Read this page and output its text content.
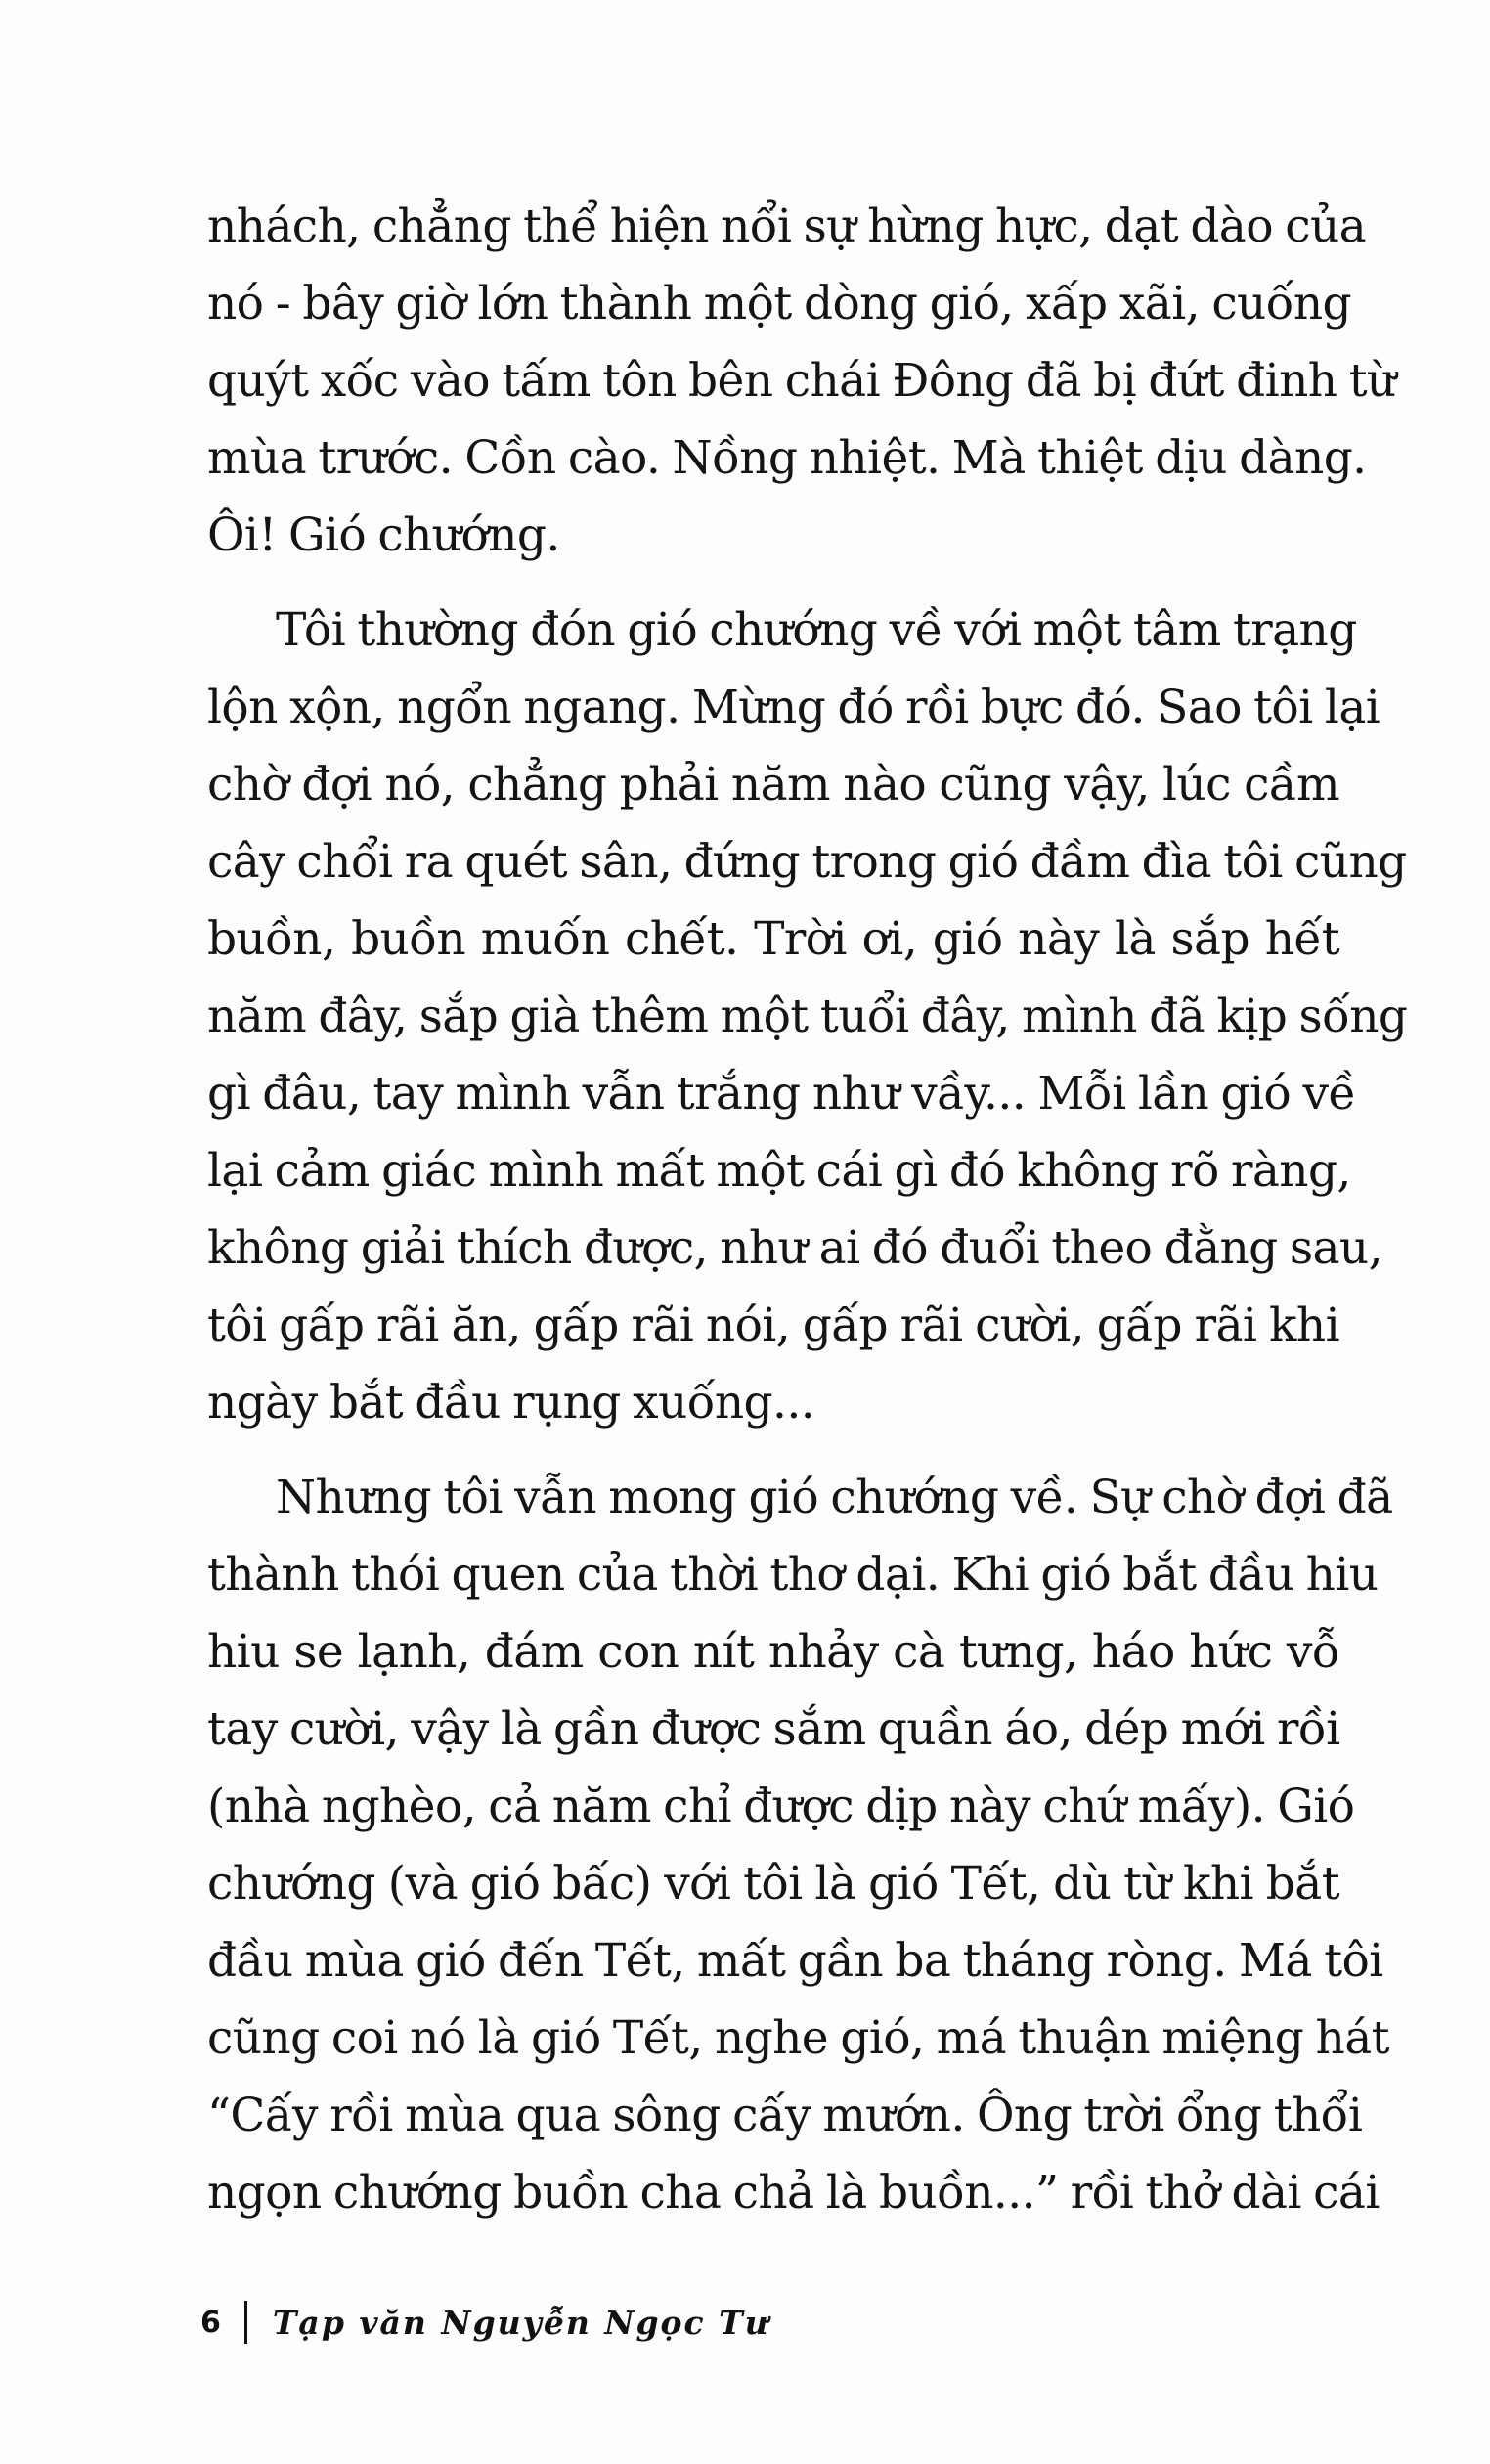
nhách, chẳng thể hiện nổi sự hừng hực, dạt dào của
nó - bây giờ lớn thành một dòng gió, xấp xãi, cuống
quýt xốc vào tấm tôn bên chái Đông đã bị đứt đinh từ
mùa trước. Cồn cào. Nồng nhiệt. Mà thiệt dịu dàng.
Ôi! Gió chướng.
Tôi thường đón gió chướng về với một tâm trạng
lộn xộn, ngổn ngang. Mừng đó rồi bực đó. Sao tôi lại
chờ đợi nó, chẳng phải năm nào cũng vậy, lúc cầm
cây chổi ra quét sân, đứng trong gió đầm đìa tôi cũng
buồn, buồn muốn chết. Trời ơi, gió này là sắp hết
năm đây, sắp già thêm một tuổi đây, mình đã kịp sống
gì đâu, tay mình vẫn trắng như vầy... Mỗi lần gió về
lại cảm giác mình mất một cái gì đó không rõ ràng,
không giải thích được, như ai đó đuổi theo đằng sau,
tôi gấp rãi ăn, gấp rãi nói, gấp rãi cười, gấp rãi khi
ngày bắt đầu rụng xuống...
Nhưng tôi vẫn mong gió chướng về. Sự chờ đợi đã
thành thói quen của thời thơ dại. Khi gió bắt đầu hiu
hiu se lạnh, đám con nít nhảy cà tưng, háo hức vỗ
tay cười, vậy là gần được sắm quần áo, dép mới rồi
(nhà nghèo, cả năm chỉ được dịp này chứ mấy). Gió
chướng (và gió bấc) với tôi là gió Tết, dù từ khi bắt
đầu mùa gió đến Tết, mất gần ba tháng ròng. Má tôi
cũng coi nó là gió Tết, nghe gió, má thuận miệng hát
“Cấy rồi mùa qua sông cấy mướn. Ông trời ổng thổi
ngọn chướng buồn cha chả là buồn...” rồi thở dài cái
6 Tạp văn Nguyễn Ngọc Tư
